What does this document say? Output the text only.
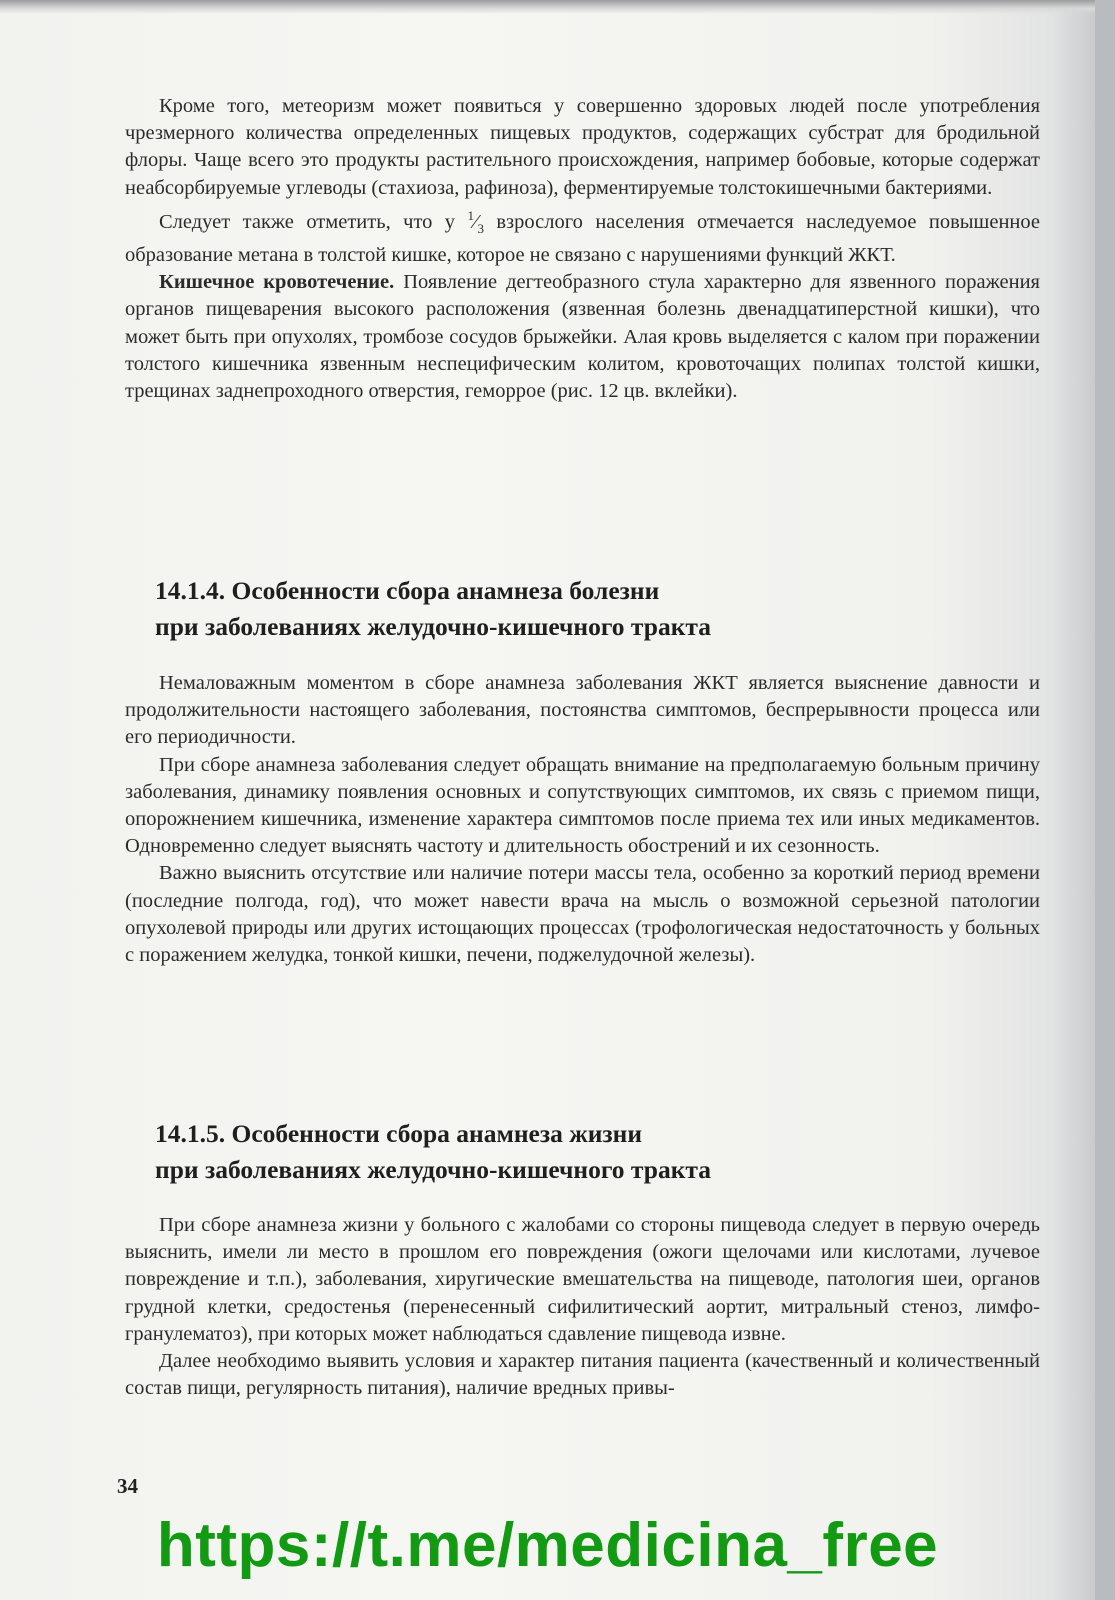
Кроме того, метеоризм может появиться у совершенно здоровых людей после употребления чрезмерного количества определенных пищевых продуктов, содержащих субстрат для бродильной флоры. Чаще всего это продукты растительного происхождения, например бобовые, которые содержат неабсорбируемые углеводы (стахиоза, рафиноза), ферментируемые толстокишечными бактериями.

Следует также отметить, что у $^1⁄_3$ взрослого населения отмечается наследуемое повышенное образование метана в толстой кишке, которое не связано с нарушениями функций ЖКТ.

Кишечное кровотечение. Появление дегтеобразного стула характерно для язвенного поражения органов пищеварения высокого расположения (язвенная болезнь двенадцатиперстной кишки), что может быть при опухолях, тромбозе сосудов брыжейки. Алая кровь выделяется с калом при поражении толстого кишечника язвенным неспецифическим колитом, кровоточащих полипах толстой кишки, трещинах заднепроходного отверстия, геморрое (рис. 12 цв. вклейки).

14.1.4. Особенности сбора анамнеза болезни
при заболеваниях желудочно-кишечного тракта

Немаловажным моментом в сборе анамнеза заболевания ЖКТ является выяснение давности и продолжительности настоящего заболевания, постоянства симптомов, беспрерывности процесса или его периодичности.

При сборе анамнеза заболевания следует обращать внимание на предполагаемую больным причину заболевания, динамику появления основных и сопутствующих симптомов, их связь с приемом пищи, опорожнением кишечника, изменение характера симптомов после приема тех или иных медикаментов. Одновременно следует выяснять частоту и длительность обострений и их сезонность.

Важно выяснить отсутствие или наличие потери массы тела, особенно за короткий период времени (последние полгода, год), что может навести врача на мысль о возможной серьезной патологии опухолевой природы или других истощающих процессах (трофологическая недостаточность у больных с поражением желудка, тонкой кишки, печени, поджелудочной железы).

14.1.5. Особенности сбора анамнеза жизни
при заболеваниях желудочно-кишечного тракта

При сборе анамнеза жизни у больного с жалобами со стороны пищевода следует в первую очередь выяснить, имели ли место в прошлом его повреждения (ожоги щелочами или кислотами, лучевое повреждение и т.п.), заболевания, хиругические вмешательства на пищеводе, патология шеи, органов грудной клетки, средостенья (перенесенный сифилитический аортит, митральный стеноз, лимфогранулематоз), при которых может наблюдаться сдавление пищевода извне.

Далее необходимо выявить условия и характер питания пациента (качественный и количественный состав пищи, регулярность питания), наличие вредных привы-

34
https://t.me/medicina_free
